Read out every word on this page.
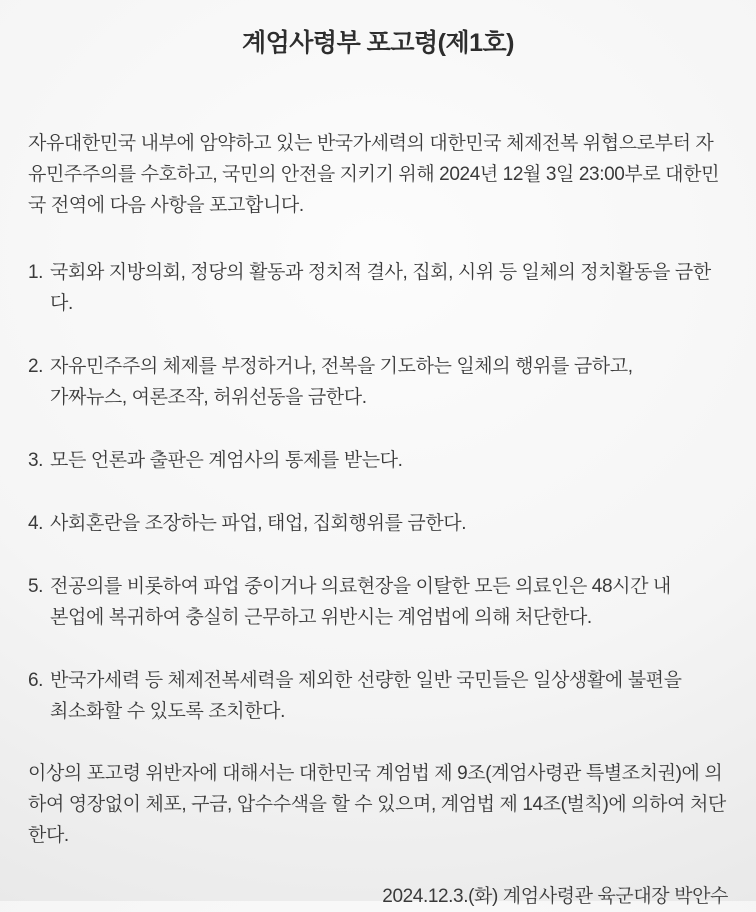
계엄사령부 포고령(제1호)

자유대한민국 내부에 암약하고 있는 반국가세력의 대한민국 체제전복 위협으로부터 자유민주주의를 수호하고, 국민의 안전을 지키기 위해 2024년 12월 3일 23:00부로 대한민국 전역에 다음 사항을 포고합니다.

1. 국회와 지방의회, 정당의 활동과 정치적 결사, 집회, 시위 등 일체의 정치활동을 금한다.
2. 자유민주주의 체제를 부정하거나, 전복을 기도하는 일체의 행위를 금하고,
가짜뉴스, 여론조작, 허위선동을 금한다.
3. 모든 언론과 출판은 계엄사의 통제를 받는다.
4. 사회혼란을 조장하는 파업, 태업, 집회행위를 금한다.
5. 전공의를 비롯하여 파업 중이거나 의료현장을 이탈한 모든 의료인은 48시간 내
본업에 복귀하여 충실히 근무하고 위반시는 계엄법에 의해 처단한다.
6. 반국가세력 등 체제전복세력을 제외한 선량한 일반 국민들은 일상생활에 불편을
최소화할 수 있도록 조치한다.

이상의 포고령 위반자에 대해서는 대한민국 계엄법 제 9조(계엄사령관 특별조치권)에 의하여 영장없이 체포, 구금, 압수수색을 할 수 있으며, 계엄법 제 14조(벌칙)에 의하여 처단한다.

2024.12.3.(화) 계엄사령관 육군대장 박안수
